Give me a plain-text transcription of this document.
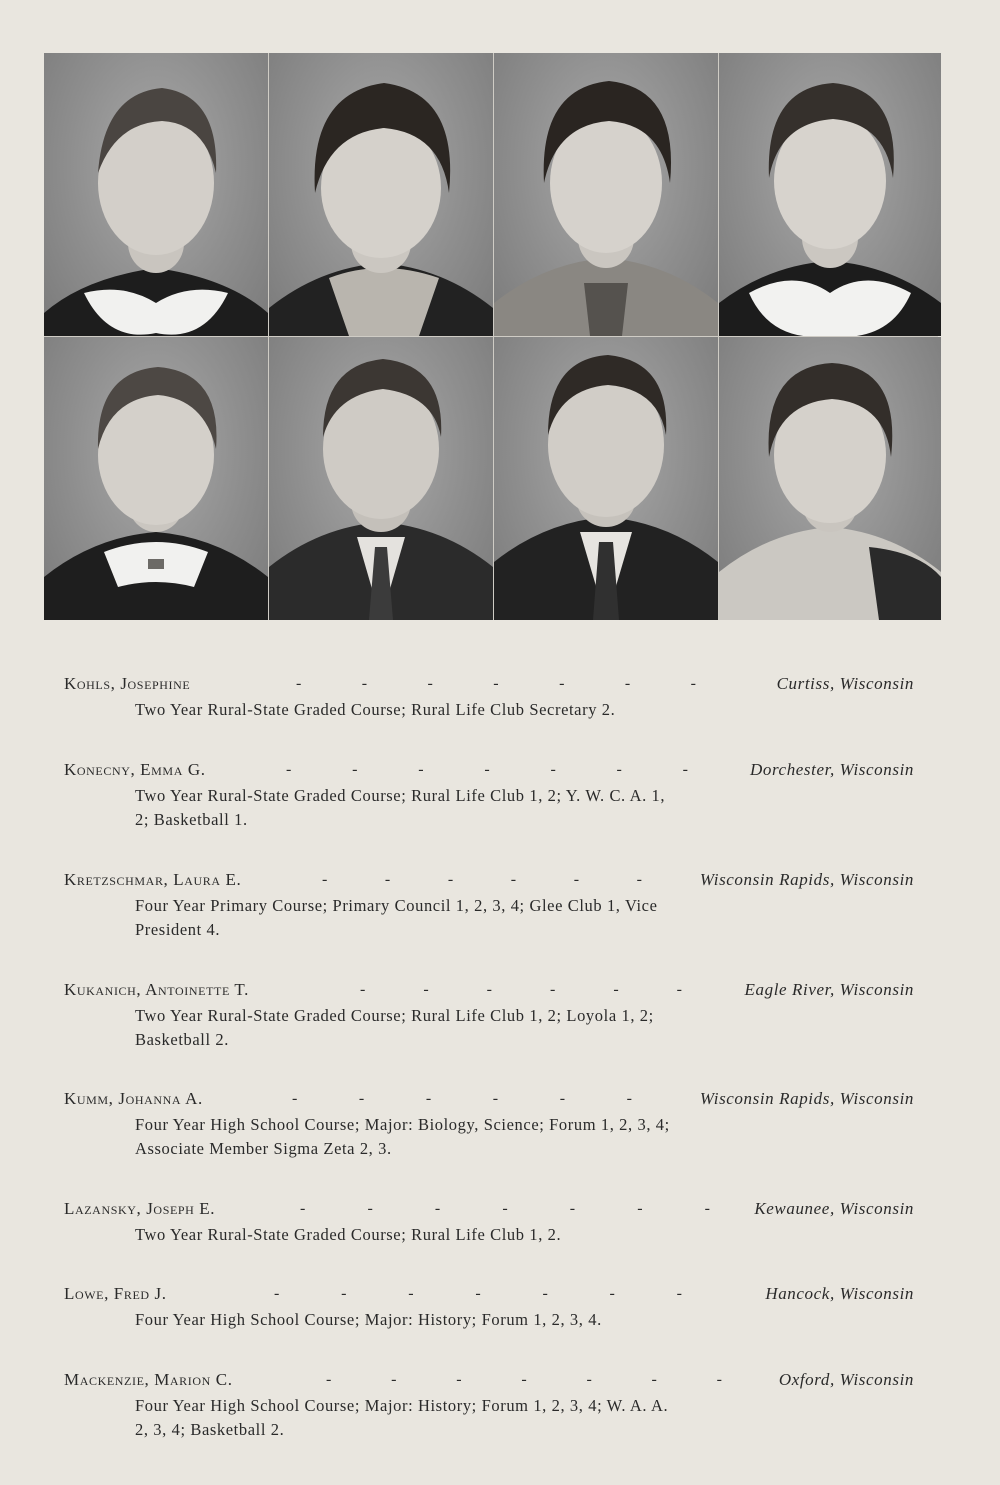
Kohls, Josephine	-	-	-	-	-	-	-	Curtiss, Wisconsin
Two Year Rural-State Graded Course; Rural Life Club Secretary 2.
Konecny, Emma G.	-	-	-	-	-	-	-	Dorchester, Wisconsin
Two Year Rural-State Graded Course; Rural Life Club 1, 2; Y. W. C. A. 1,
2; Basketball 1.
Kretzschmar, Laura E.	-	-	-	-	-	-	Wisconsin Rapids, Wisconsin
Four Year Primary Course; Primary Council 1, 2, 3, 4; Glee Club 1, Vice
President 4.
Kukanich, Antoinette T.	-	-	-	-	-	-	Eagle River, Wisconsin
Two Year Rural-State Graded Course; Rural Life Club 1, 2; Loyola 1, 2;
Basketball 2.
Kumm, Johanna A.	-	-	-	-	-	-	Wisconsin Rapids, Wisconsin
Four Year High School Course; Major: Biology, Science; Forum 1, 2, 3, 4;
Associate Member Sigma Zeta 2, 3.
Lazansky, Joseph E.	-	-	-	-	-	-	-	Kewaunee, Wisconsin
Two Year Rural-State Graded Course; Rural Life Club 1, 2.
Lowe, Fred J.	-	-	-	-	-	-	-	Hancock, Wisconsin
Four Year High School Course; Major: History; Forum 1, 2, 3, 4.
Mackenzie, Marion C.	-	-	-	-	-	-	-	Oxford, Wisconsin
Four Year High School Course; Major: History; Forum 1, 2, 3, 4; W. A. A.
2, 3, 4; Basketball 2.
